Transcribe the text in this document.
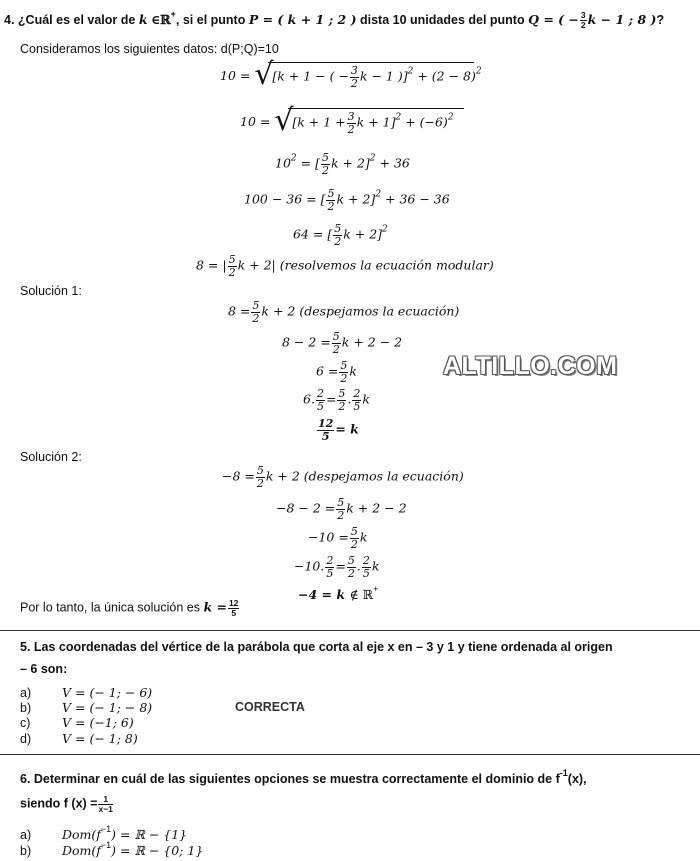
4. ¿Cuál es el valor de k ∈ℝ+, si el punto P = ( k + 1 ; 2 ) dista 10 unidades del punto Q = ( − $\frac{3}{2}$ k − 1 ; 8 )?
Consideramos los siguientes datos: d(P;Q)=10
10 = √
[k + 1 − ( − $\frac{3}{2}$ k − 1 )]$^2 + (2 - 8)^2$
10 = √
[$k + 1 + \frac{3}{2}$ $k + 1]^2 + (-6)^2$
$10^2$ = [ $\frac{5}{2}$ k + 2]$^2$ + 36
100 − 36 = [ $\frac{5}{2}$ k + 2]$^2$ + 36 − 36
64 = [ $\frac{5}{2}$ k + 2]$^2$
8 = | $\frac{5}{2}$ k + 2| (resolvemos la ecuación modular)
Solución 1:
$8 = \frac{5}{2}$ k + 2 (despejamos la ecuación)
$8 - 2 = \frac{5}{2}$ k + 2 − 2
$6 = \frac{5}{2}$ k
6. $\frac{2}{5} = \frac{5}{2}$ . $\frac{2}{5}$ k
$\frac{12}{5} = k$
ALTILLO.COM
Solución 2:
$-8 = \frac{5}{2}$ k + 2 (despejamos la ecuación)
$-8 - 2 = \frac{5}{2}$ k + 2 − 2
$-10 = \frac{5}{2}$ k
−10. $\frac{2}{5} = \frac{5}{2}$ . $\frac{2}{5}$ k
−4 = k ∉ ℝ+
Por lo tanto, la única solución es $k = \frac{12}{5}$
5. Las coordenadas del vértice de la parábola que corta al eje x en – 3 y 1 y tiene ordenada al origen
– 6 son:
a) V = (− 1; − 6)
b) V = (− 1; − 8)
c)	V = (−1; 6)
d) V = (− 1; 8)
CORRECTA
6. Determinar en cuál de las siguientes opciones se muestra correctamente el dominio de $f^{-1}(x)$,
siendo f $(x) = \frac{1}{x-1}$
a) $Dom(f^{-1})$ = ℝ − {1}
b) $Dom(f^{-1})$ = ℝ − {0; 1}
